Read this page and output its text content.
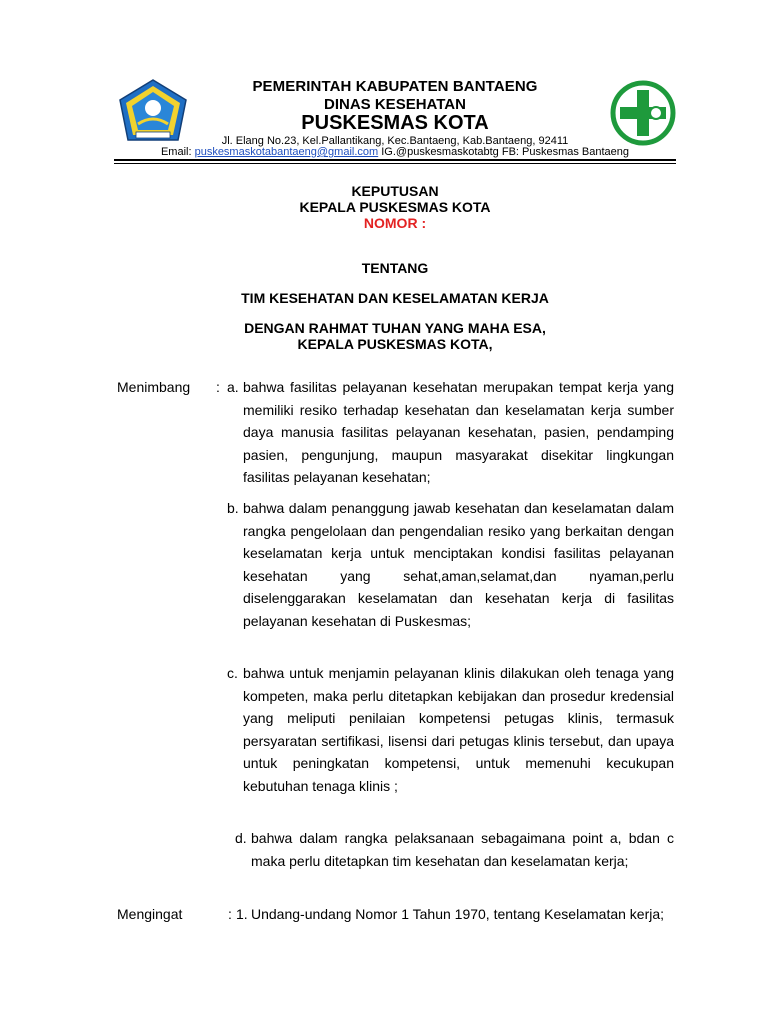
PEMERINTAH KABUPATEN BANTAENG
DINAS KESEHATAN
PUSKESMAS KOTA
Jl. Elang No.23, Kel.Pallantikang, Kec.Bantaeng, Kab.Bantaeng, 92411
Email: puskesmaskotabantaeng@gmail.com IG.@puskesmaskotabtg FB: Puskesmas Bantaeng
KEPUTUSAN
KEPALA PUSKESMAS KOTA
NOMOR :
TENTANG
TIM KESEHATAN DAN KESELAMATAN KERJA
DENGAN RAHMAT TUHAN YANG MAHA ESA,
KEPALA PUSKESMAS KOTA,
Menimbang : a. bahwa fasilitas pelayanan kesehatan merupakan tempat kerja yang memiliki resiko terhadap kesehatan dan keselamatan kerja sumber daya manusia fasilitas pelayanan kesehatan, pasien, pendamping pasien, pengunjung, maupun masyarakat disekitar lingkungan fasilitas pelayanan kesehatan;
b. bahwa dalam penanggung jawab kesehatan dan keselamatan dalam rangka pengelolaan dan pengendalian resiko yang berkaitan dengan keselamatan kerja untuk menciptakan kondisi fasilitas pelayanan kesehatan yang sehat,aman,selamat,dan nyaman,perlu diselenggarakan keselamatan dan kesehatan kerja di fasilitas pelayanan kesehatan di Puskesmas;
c. bahwa untuk menjamin pelayanan klinis dilakukan oleh tenaga yang kompeten, maka perlu ditetapkan kebijakan dan prosedur kredensial yang meliputi penilaian kompetensi petugas klinis, termasuk persyaratan sertifikasi, lisensi dari petugas klinis tersebut, dan upaya untuk peningkatan kompetensi, untuk memenuhi kecukupan kebutuhan tenaga klinis ;
d. bahwa dalam rangka pelaksanaan sebagaimana point a, bdan c maka perlu ditetapkan tim kesehatan dan keselamatan kerja;
Mengingat	: 1. Undang-undang Nomor 1 Tahun 1970, tentang Keselamatan kerja;
